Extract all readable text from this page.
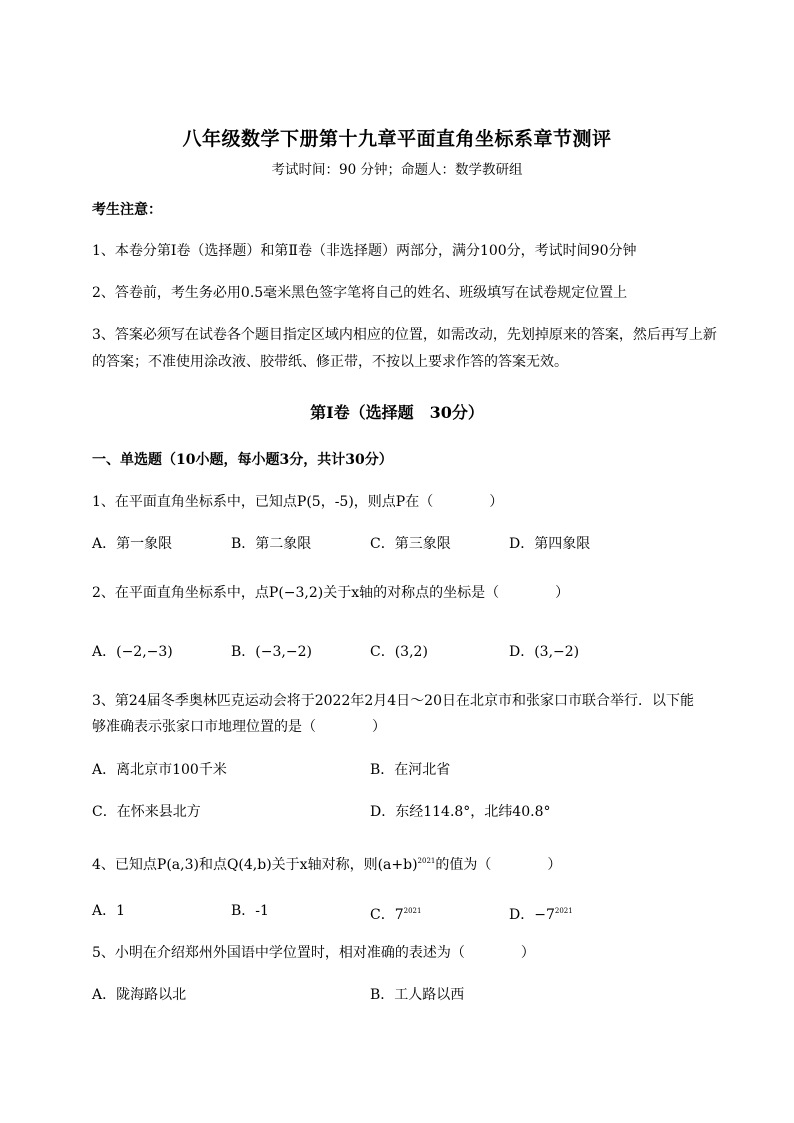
八年级数学下册第十九章平面直角坐标系章节测评
考试时间：90 分钟；命题人：数学教研组
考生注意：
1、本卷分第Ⅰ卷（选择题）和第Ⅱ卷（非选择题）两部分，满分100分，考试时间90分钟
2、答卷前，考生务必用0.5毫米黑色签字笔将自己的姓名、班级填写在试卷规定位置上
3、答案必须写在试卷各个题目指定区域内相应的位置，如需改动，先划掉原来的答案，然后再写上新
的答案；不准使用涂改液、胶带纸、修正带，不按以上要求作答的答案无效。
第Ⅰ卷（选择题　30分）
一、单选题（10小题，每小题3分，共计30分）
1、在平面直角坐标系中，已知点P(5，-5)，则点P在（　　　　）
A．第一象限	B．第二象限	C．第三象限	D．第四象限
2、在平面直角坐标系中，点P(−3,2)关于x轴的对称点的坐标是（　　　　）
A．(−2,−3)	B．(−3,−2)	C．(3,2)	D．(3,−2)
3、第24届冬季奥林匹克运动会将于2022年2月4日～20日在北京市和张家口市联合举行．以下能
够准确表示张家口市地理位置的是（　　　　）
A．离北京市100千米	B．在河北省
C．在怀来县北方	D．东经114.8°，北纬40.8°
4、已知点P(a,3)和点Q(4,b)关于x轴对称，则$(a+b)^{2021}$的值为（　　　　）
A．1	B．-1	C．$7^{2021}$	D．$-7^{2021}$
5、小明在介绍郑州外国语中学位置时，相对准确的表述为（　　　　）
A．陇海路以北	B．工人路以西
